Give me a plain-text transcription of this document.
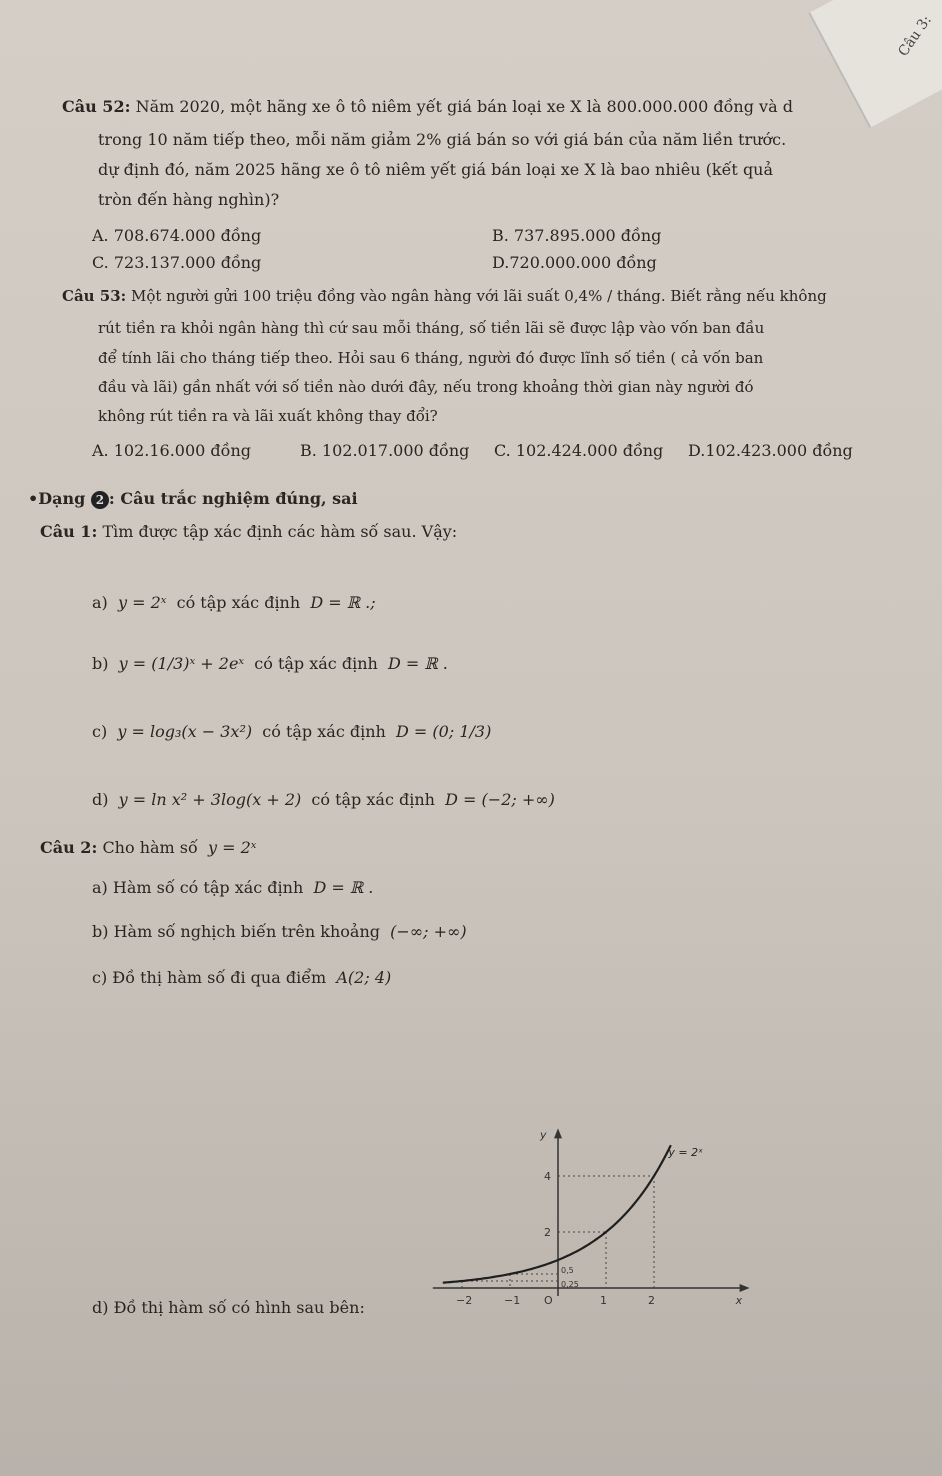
Câu 3:
Câu 52: Năm 2020, một hãng xe ô tô niêm yết giá bán loại xe X là 800.000.000 đồng và d
trong 10 năm tiếp theo, mỗi năm giảm 2% giá bán so với giá bán của năm liền trước.
dự định đó, năm 2025 hãng xe ô tô niêm yết giá bán loại xe X là bao nhiêu (kết quả
tròn đến hàng nghìn)?
A. 708.674.000 đồng	B. 737.895.000 đồng
C. 723.137.000 đồng	D.720.000.000 đồng
Câu 53: Một người gửi 100 triệu đồng vào ngân hàng với lãi suất 0,4% / tháng. Biết rằng nếu không
rút tiền ra khỏi ngân hàng thì cứ sau mỗi tháng, số tiền lãi sẽ được lập vào vốn ban đầu
để tính lãi cho tháng tiếp theo. Hỏi sau 6 tháng, người đó được lĩnh số tiền ( cả vốn ban
đầu và lãi) gần nhất với số tiền nào dưới đây, nếu trong khoảng thời gian này người đó
không rút tiền ra và lãi xuất không thay đổi?
A. 102.16.000 đồng	B. 102.017.000 đồng C. 102.424.000 đồng D.102.423.000 đồng
•Dạng 2 : Câu trắc nghiệm đúng, sai
Câu 1: Tìm được tập xác định các hàm số sau. Vậy:
a) y = 2ˣ có tập xác định D = ℝ .;
b) y = (1/3)ˣ + 2eˣ có tập xác định D = ℝ .
c) y = log₃(x − 3x²) có tập xác định D = (0; 1/3)
d) y = ln x² + 3log(x + 2) có tập xác định D = (−2; +∞)
Câu 2: Cho hàm số y = 2ˣ
a) Hàm số có tập xác định D = ℝ .
b) Hàm số nghịch biến trên khoảng (−∞; +∞)
c) Đồ thị hàm số đi qua điểm A(2; 4)
d) Đồ thị hàm số có hình sau bên:	x
y
−2	−1 O	1	2
0,25
0,5
2
4
y = 2ˣ
